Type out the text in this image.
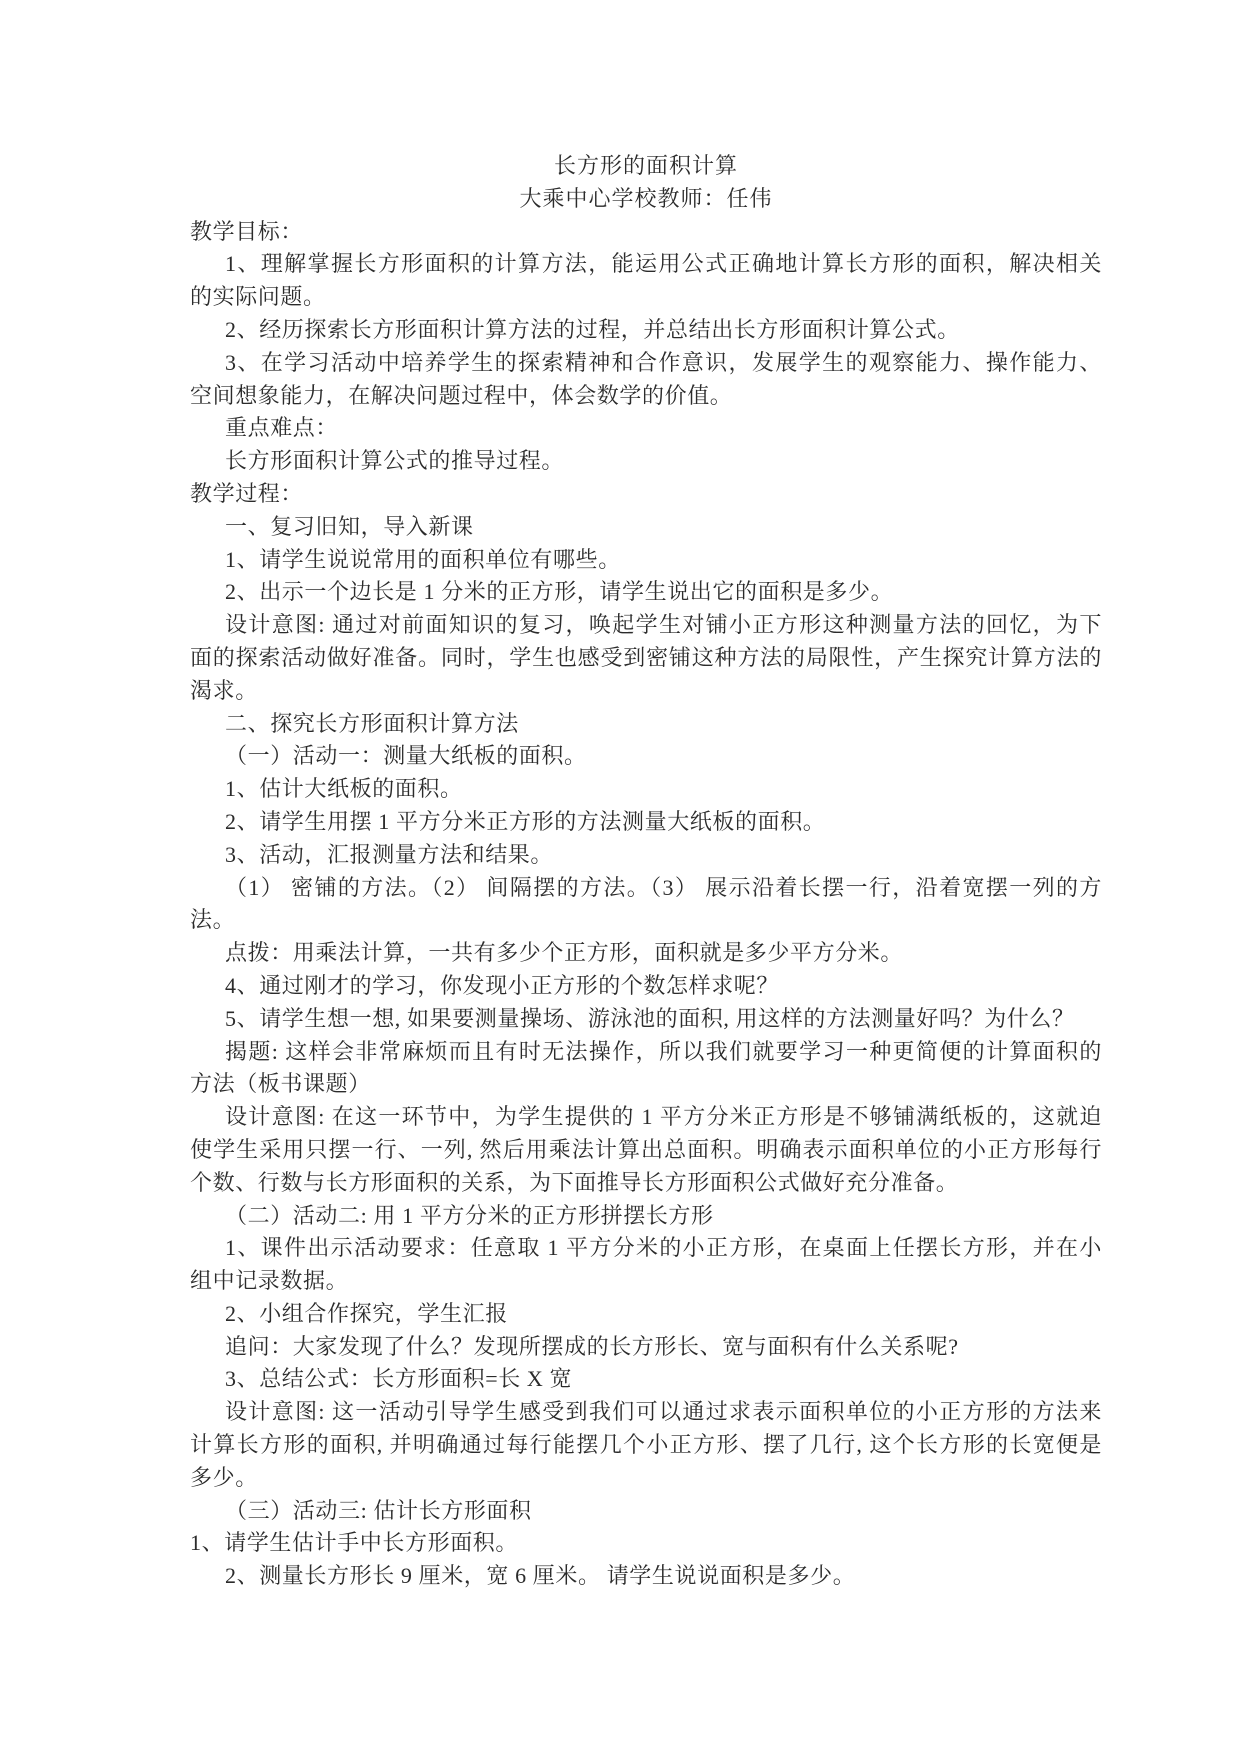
长方形的面积计算
大乘中心学校教师：任伟
教学目标：
1、理解掌握长方形面积的计算方法，能运用公式正确地计算长方形的面积，解决相关
的实际问题。
2、经历探索长方形面积计算方法的过程，并总结出长方形面积计算公式。
3、在学习活动中培养学生的探索精神和合作意识，发展学生的观察能力、操作能力、
空间想象能力，在解决问题过程中，体会数学的价值。
重点难点：
长方形面积计算公式的推导过程。
教学过程：
一、复习旧知，导入新课
1、请学生说说常用的面积单位有哪些。
2、出示一个边长是 1 分米的正方形，请学生说出它的面积是多少。
设计意图: 通过对前面知识的复习，唤起学生对铺小正方形这种测量方法的回忆，为下
面的探索活动做好准备。同时，学生也感受到密铺这种方法的局限性，产生探究计算方法的
渴求。
二、探究长方形面积计算方法
（一）活动一：测量大纸板的面积。
1、估计大纸板的面积。
2、请学生用摆 1 平方分米正方形的方法测量大纸板的面积。
3、活动，汇报测量方法和结果。
（1） 密铺的方法。（2） 间隔摆的方法。（3） 展示沿着长摆一行，沿着宽摆一列的方
法。
点拨：用乘法计算，一共有多少个正方形，面积就是多少平方分米。
4、通过刚才的学习，你发现小正方形的个数怎样求呢？
5、请学生想一想, 如果要测量操场、游泳池的面积, 用这样的方法测量好吗？为什么？
揭题: 这样会非常麻烦而且有时无法操作，所以我们就要学习一种更简便的计算面积的
方法（板书课题）
设计意图: 在这一环节中，为学生提供的 1 平方分米正方形是不够铺满纸板的，这就迫
使学生采用只摆一行、一列, 然后用乘法计算出总面积。明确表示面积单位的小正方形每行
个数、行数与长方形面积的关系，为下面推导长方形面积公式做好充分准备。
（二）活动二: 用 1 平方分米的正方形拼摆长方形
1、课件出示活动要求：任意取 1 平方分米的小正方形，在桌面上任摆长方形，并在小
组中记录数据。
2、小组合作探究，学生汇报
追问：大家发现了什么？发现所摆成的长方形长、宽与面积有什么关系呢?
3、总结公式：长方形面积=长 X 宽
设计意图: 这一活动引导学生感受到我们可以通过求表示面积单位的小正方形的方法来
计算长方形的面积, 并明确通过每行能摆几个小正方形、摆了几行, 这个长方形的长宽便是
多少。
（三）活动三: 估计长方形面积
1、请学生估计手中长方形面积。
2、测量长方形长 9 厘米，宽 6 厘米。 请学生说说面积是多少。
